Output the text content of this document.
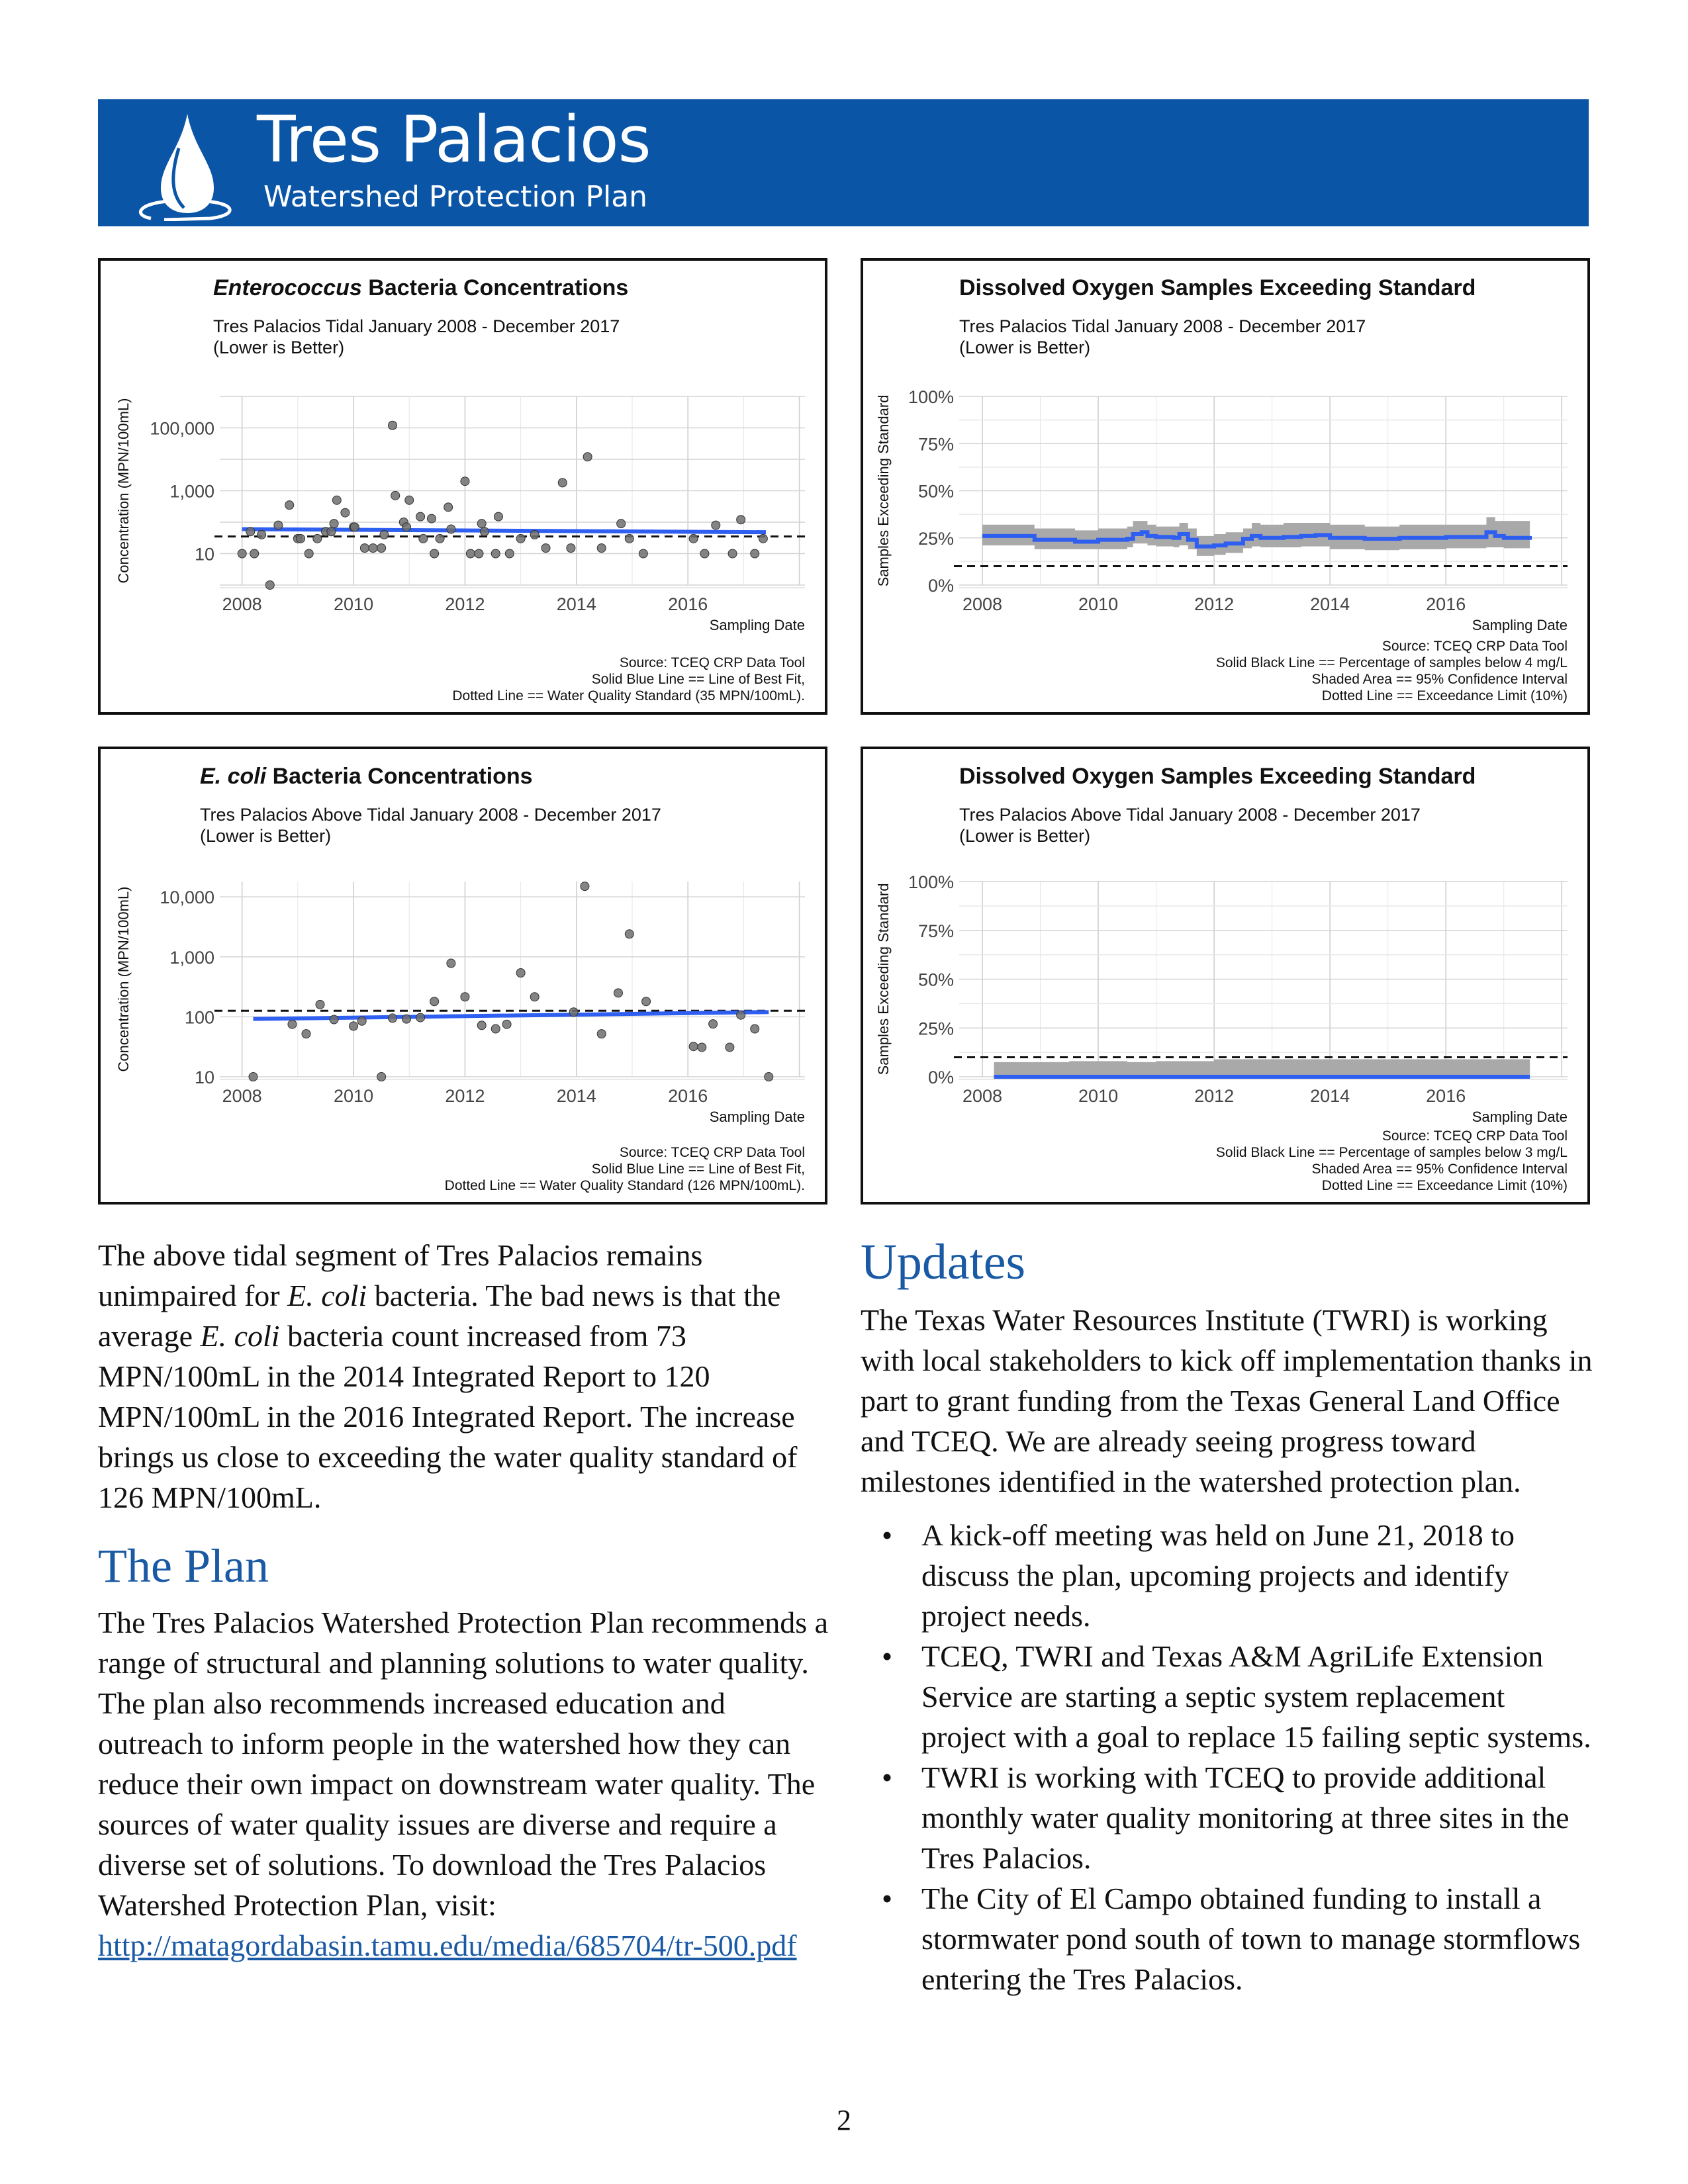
Tres Palacios
Watershed Protection Plan
Enterococcus Bacteria Concentrations
Tres Palacios Tidal January 2008 - December 2017
(Lower is Better)
2008	2010	2012	2014	2016
10
1,000
100,000
Sampling Date
Concentration (MPN/100mL)
Source: TCEQ CRP Data Tool
Solid Blue Line == Line of Best Fit,
Dotted Line == Water Quality Standard (35 MPN/100mL).
Dissolved Oxygen Samples Exceeding Standard
Tres Palacios Tidal January 2008 - December 2017
(Lower is Better)
2008	2010	2012	2014	2016
0%
25%
50%
75%
100%
Sampling Date
Samples Exceeding Standard
Source: TCEQ CRP Data Tool
Solid Black Line == Percentage of samples below 4 mg/L
Shaded Area == 95% Confidence Interval
Dotted Line == Exceedance Limit (10%)
E. coli Bacteria Concentrations
Tres Palacios Above Tidal January 2008 - December 2017
(Lower is Better)
2008	2010	2012	2014	2016
10
100
1,000
10,000
Sampling Date
Concentration (MPN/100mL)
Source: TCEQ CRP Data Tool
Solid Blue Line == Line of Best Fit,
Dotted Line == Water Quality Standard (126 MPN/100mL).
Dissolved Oxygen Samples Exceeding Standard
Tres Palacios Above Tidal January 2008 - December 2017
(Lower is Better)
2008	2010	2012	2014	2016
0%
25%
50%
75%
100%
Sampling Date
Samples Exceeding Standard
Source: TCEQ CRP Data Tool
Solid Black Line == Percentage of samples below 3 mg/L
Shaded Area == 95% Confidence Interval
Dotted Line == Exceedance Limit (10%)

The above tidal segment of Tres Palacios remains unimpaired for E. coli bacteria. The bad news is that the average E. coli bacteria count increased from 73 MPN/100mL in the 2014 Integrated Report to 120 MPN/100mL in the 2016 Integrated Report. The increase brings us close to exceeding the water quality standard of 126 MPN/100mL.

The Plan

The Tres Palacios Watershed Protection Plan recommends a range of structural and planning solutions to water quality. The plan also recommends increased education and outreach to inform people in the watershed how they can reduce their own impact on downstream water quality. The sources of water quality issues are diverse and require a diverse set of solutions. To download the Tres Palacios Watershed Protection Plan, visit: http://matagordabasin.tamu.edu/media/685704/tr-500.pdf

Updates

The Texas Water Resources Institute (TWRI) is working with local stakeholders to kick off implementation thanks in part to grant funding from the Texas General Land Office and TCEQ. We are already seeing progress toward milestones identified in the watershed protection plan.

• A kick-off meeting was held on June 21, 2018 to discuss the plan, upcoming projects and identify project needs.
• TCEQ, TWRI and Texas A&M AgriLife Extension Service are starting a septic system replacement project with a goal to replace 15 failing septic systems.
• TWRI is working with TCEQ to provide additional monthly water quality monitoring at three sites in the Tres Palacios.
• The City of El Campo obtained funding to install a stormwater pond south of town to manage stormflows entering the Tres Palacios.
2
